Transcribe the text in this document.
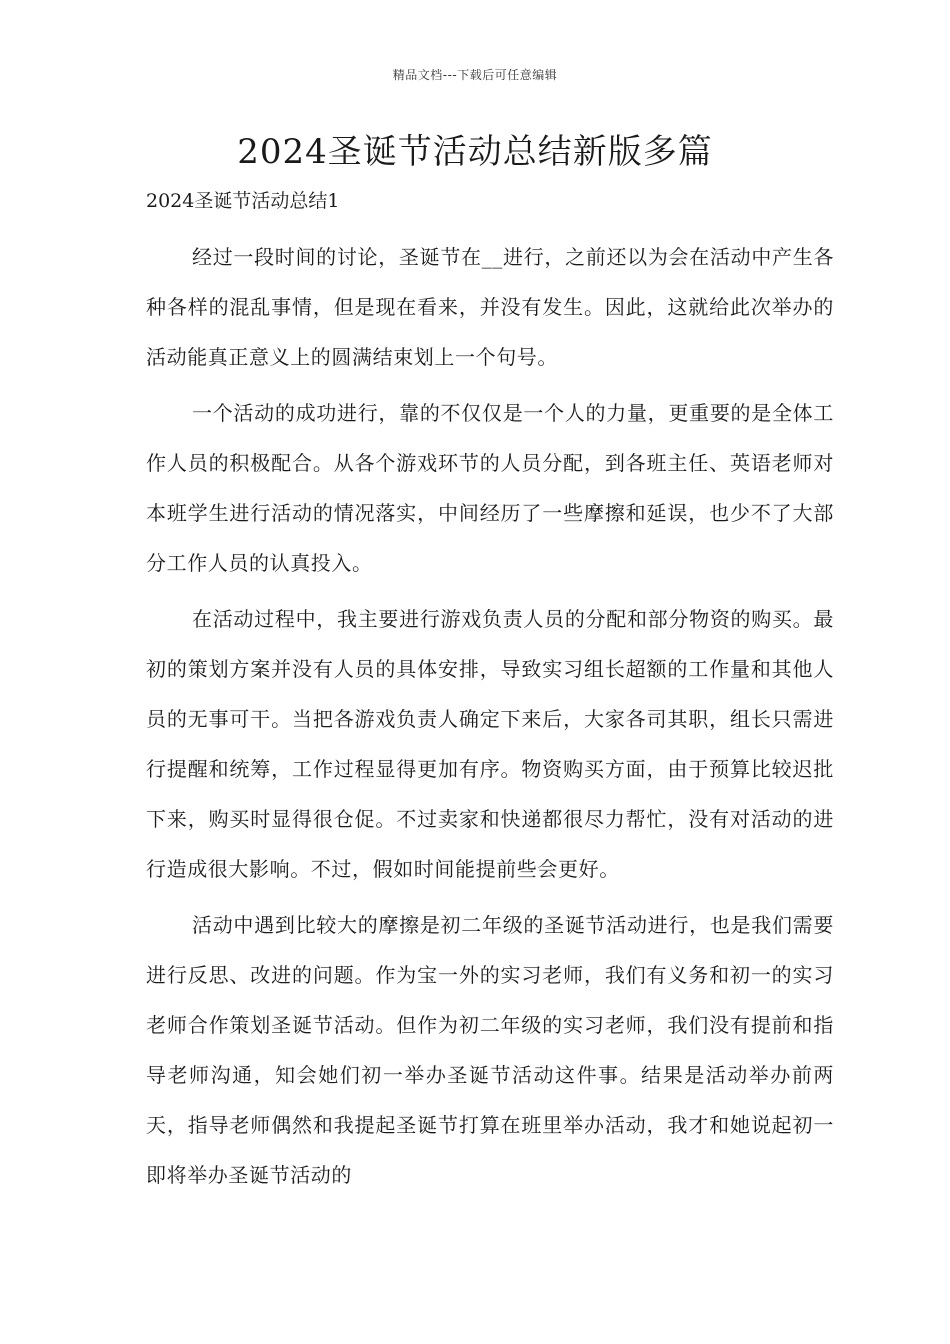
精品文档---下载后可任意编辑
2024圣诞节活动总结新版多篇

2024圣诞节活动总结1

经过一段时间的讨论，圣诞节在__进行，之前还以为会在活动中产生各种各样的混乱事情，但是现在看来，并没有发生。因此，这就给此次举办的活动能真正意义上的圆满结束划上一个句号。

一个活动的成功进行，靠的不仅仅是一个人的力量，更重要的是全体工作人员的积极配合。从各个游戏环节的人员分配，到各班主任、英语老师对本班学生进行活动的情况落实，中间经历了一些摩擦和延误，也少不了大部分工作人员的认真投入。

在活动过程中，我主要进行游戏负责人员的分配和部分物资的购买。最初的策划方案并没有人员的具体安排，导致实习组长超额的工作量和其他人员的无事可干。当把各游戏负责人确定下来后，大家各司其职，组长只需进行提醒和统筹，工作过程显得更加有序。物资购买方面，由于预算比较迟批下来，购买时显得很仓促。不过卖家和快递都很尽力帮忙，没有对活动的进行造成很大影响。不过，假如时间能提前些会更好。

活动中遇到比较大的摩擦是初二年级的圣诞节活动进行，也是我们需要进行反思、改进的问题。作为宝一外的实习老师，我们有义务和初一的实习老师合作策划圣诞节活动。但作为初二年级的实习老师，我们没有提前和指导老师沟通，知会她们初一举办圣诞节活动这件事。结果是活动举办前两天，指导老师偶然和我提起圣诞节打算在班里举办活动，我才和她说起初一即将举办圣诞节活动的
